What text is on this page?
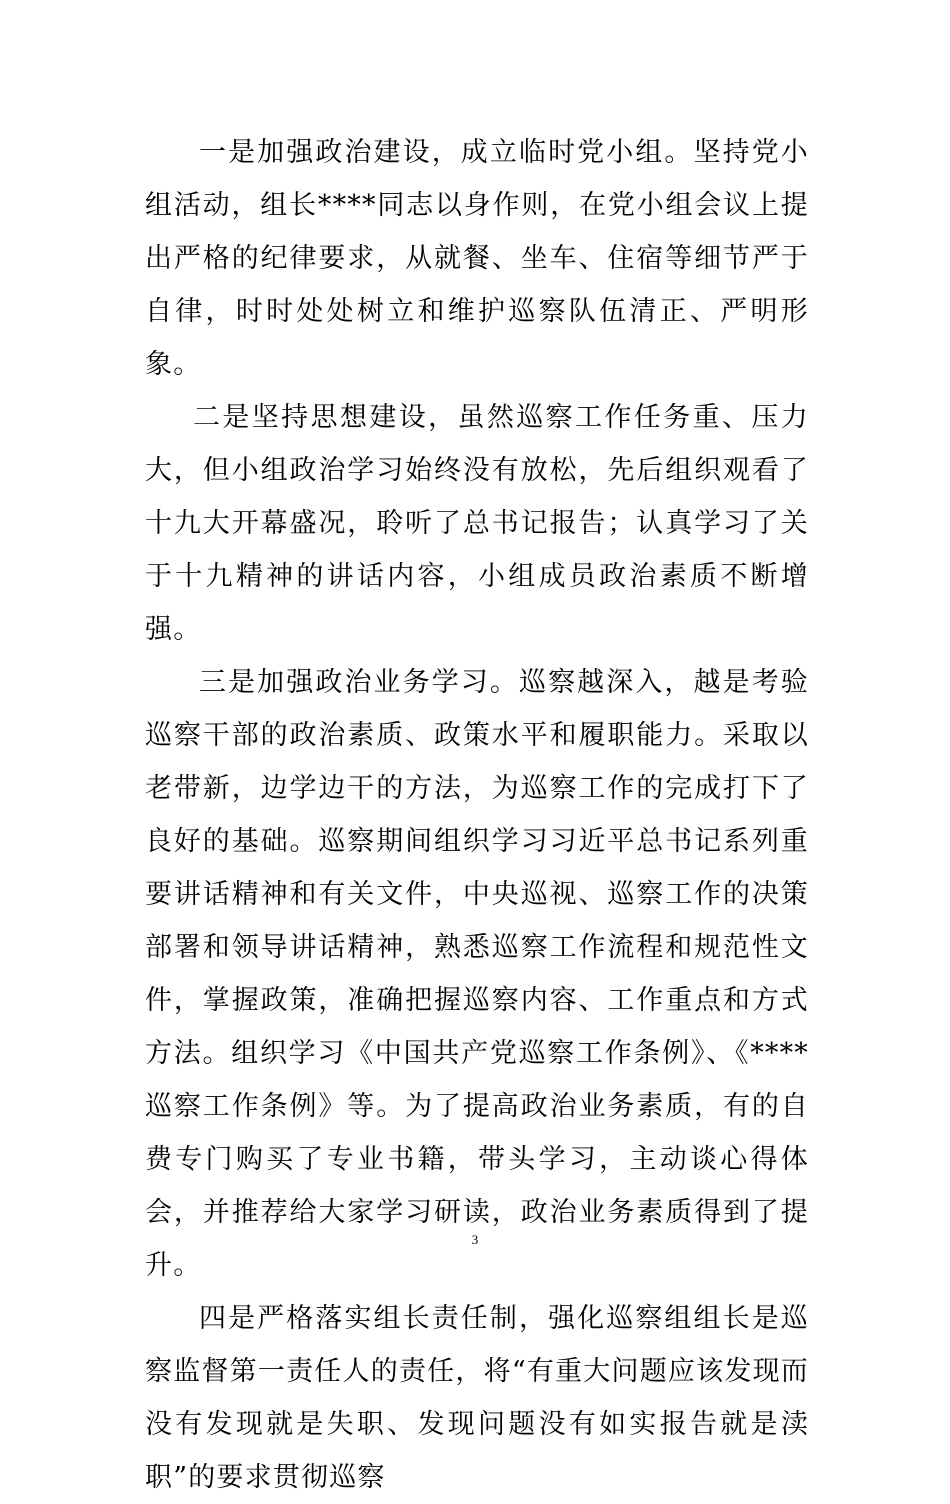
一是加强政治建设，成立临时党小组。坚持党小组活动，组长****同志以身作则，在党小组会议上提出严格的纪律要求，从就餐、坐车、住宿等细节严于自律，时时处处树立和维护巡察队伍清正、严明形象。

二是坚持思想建设，虽然巡察工作任务重、压力大，但小组政治学习始终没有放松，先后组织观看了十九大开幕盛况，聆听了总书记报告；认真学习了关于十九精神的讲话内容，小组成员政治素质不断增强。

三是加强政治业务学习。巡察越深入，越是考验巡察干部的政治素质、政策水平和履职能力。采取以老带新，边学边干的方法，为巡察工作的完成打下了良好的基础。巡察期间组织学习习近平总书记系列重要讲话精神和有关文件，中央巡视、巡察工作的决策部署和领导讲话精神，熟悉巡察工作流程和规范性文件，掌握政策，准确把握巡察内容、工作重点和方式方法。组织学习《中国共产党巡察工作条例》、《****巡察工作条例》等。为了提高政治业务素质，有的自费专门购买了专业书籍，带头学习，主动谈心得体会，并推荐给大家学习研读，政治业务素质得到了提升。

四是严格落实组长责任制，强化巡察组组长是巡察监督第一责任人的责任，将“有重大问题应该发现而没有发现就是失职、发现问题没有如实报告就是渎职”的要求贯彻巡察

3
